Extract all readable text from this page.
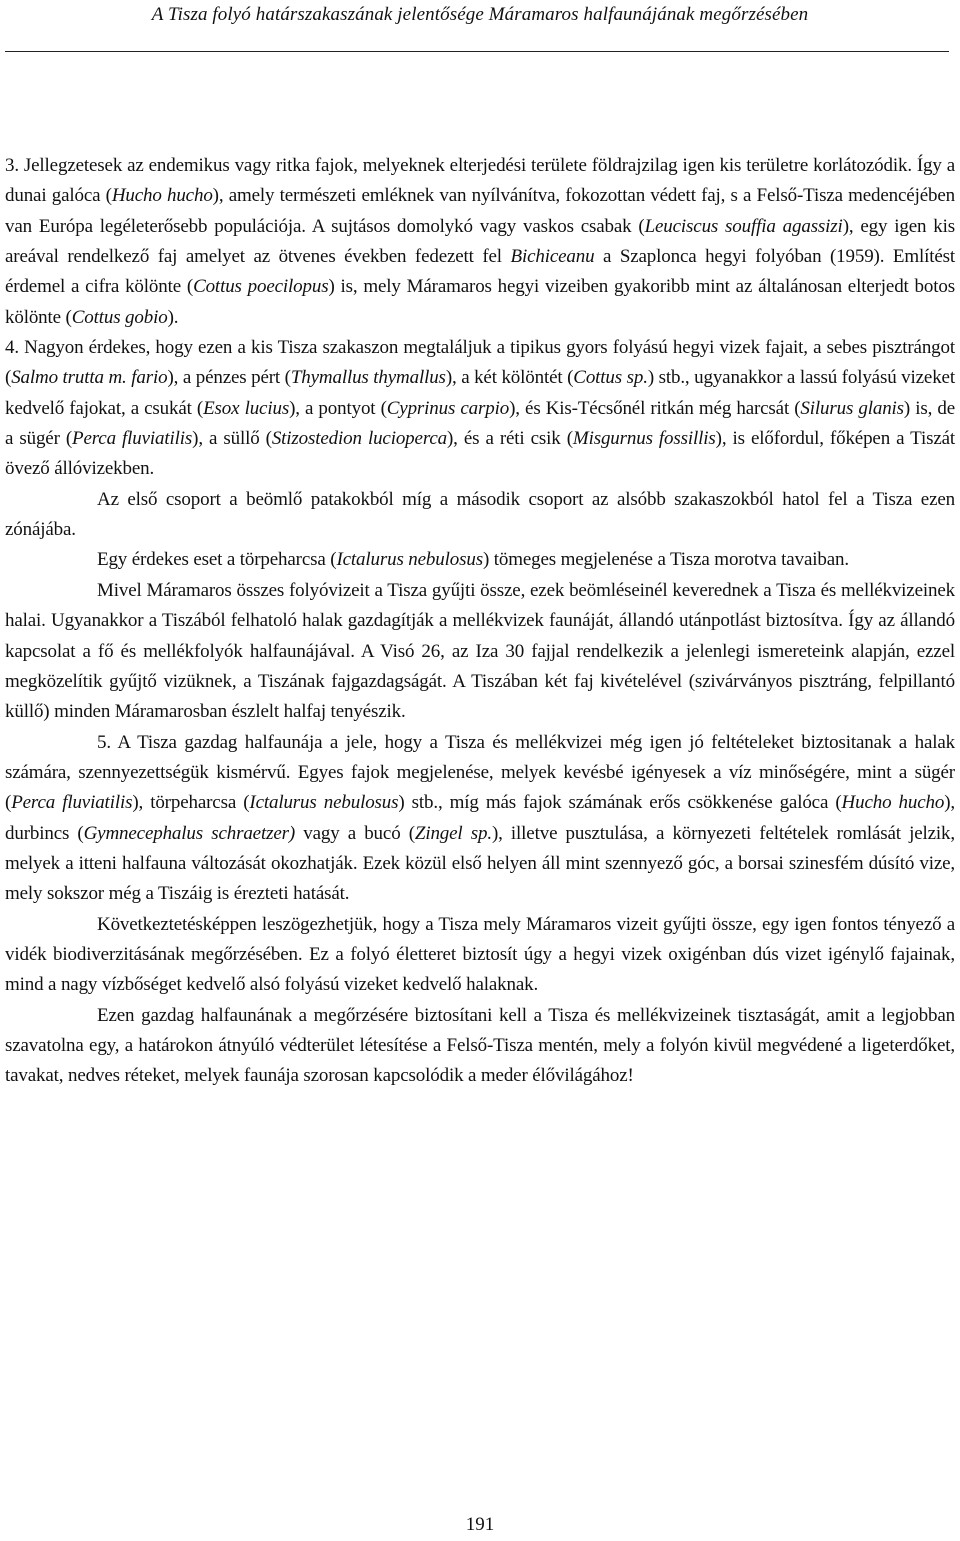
A Tisza folyó határszakaszának jelentősége Máramaros halfaunájának megőrzésében

3. Jellegzetesek az endemikus vagy ritka fajok, melyeknek elterjedési területe földrajzilag igen kis területre korlátozódik. Így a dunai galóca (Hucho hucho), amely természeti emléknek van nyílvánítva, fokozottan védett faj, s a Felső-Tisza medencéjében van Európa legéleterősebb populációja. A sujtásos domolykó vagy vaskos csabak (Leuciscus souffia agassizi), egy igen kis areával rendelkező faj amelyet az ötvenes években fedezett fel Bichiceanu a Szaplonca hegyi folyóban (1959). Említést érdemel a cifra kölönte (Cottus poecilopus) is, mely Máramaros hegyi vizeiben gyakoribb mint az általánosan elterjedt botos kölönte (Cottus gobio).

4. Nagyon érdekes, hogy ezen a kis Tisza szakaszon megtaláljuk a tipikus gyors folyású hegyi vizek fajait, a sebes pisztrángot (Salmo trutta m. fario), a pénzes pért (Thymallus thymallus), a két kölöntét (Cottus sp.) stb., ugyanakkor a lassú folyású vizeket kedvelő fajokat, a csukát (Esox lucius), a pontyot (Cyprinus carpio), és Kis-Técsőnél ritkán még harcsát (Silurus glanis) is, de a sügér (Perca fluviatilis), a süllő (Stizostedion lucioperca), és a réti csik (Misgurnus fossillis), is előfordul, főképen a Tiszát övező állóvizekben.

Az első csoport a beömlő patakokból míg a második csoport az alsóbb szakaszokból hatol fel a Tisza ezen zónájába.

Egy érdekes eset a törpeharcsa (Ictalurus nebulosus) tömeges megjelenése a Tisza morotva tavaiban.

Mivel Máramaros összes folyóvizeit a Tisza gyűjti össze, ezek beömléseinél keverednek a Tisza és mellékvizeinek halai. Ugyanakkor a Tiszából felhatoló halak gazdagítják a mellékvizek faunáját, állandó utánpotlást biztosítva. Így az állandó kapcsolat a fő és mellékfolyók halfaunájával. A Visó 26, az Iza 30 fajjal rendelkezik a jelenlegi ismereteink alapján, ezzel megközelítik gyűjtő vizüknek, a Tiszának fajgazdagságát. A Tiszában két faj kivételével (szivárványos pisztráng, felpillantó küllő) minden Máramarosban észlelt halfaj tenyészik.

5. A Tisza gazdag halfaunája a jele, hogy a Tisza és mellékvizei még igen jó feltételeket biztositanak a halak számára, szennyezettségük kismérvű. Egyes fajok megjelenése, melyek kevésbé igényesek a víz minőségére, mint a sügér (Perca fluviatilis), törpeharcsa (Ictalurus nebulosus) stb., míg más fajok számának erős csökkenése galóca (Hucho hucho), durbincs (Gymnecephalus schraetzer) vagy a bucó (Zingel sp.), illetve pusztulása, a környezeti feltételek romlását jelzik, melyek a itteni halfauna változását okozhatják. Ezek közül első helyen áll mint szennyező góc, a borsai szinesfém dúsító vize, mely sokszor még a Tiszáig is érezteti hatását.

Következtetésképpen leszögezhetjük, hogy a Tisza mely Máramaros vizeit gyűjti össze, egy igen fontos tényező a vidék biodiverzitásának megőrzésében. Ez a folyó életteret biztosít úgy a hegyi vizek oxigénban dús vizet igénylő fajainak, mind a nagy vízbőséget kedvelő alsó folyású vizeket kedvelő halaknak.

Ezen gazdag halfaunának a megőrzésére biztosítani kell a Tisza és mellékvizeinek tisztaságát, amit a legjobban szavatolna egy, a határokon átnyúló védterület létesítése a Felső-Tisza mentén, mely a folyón kivül megvédené a ligeterdőket, tavakat, nedves réteket, melyek faunája szorosan kapcsolódik a meder élővilágához!

191
